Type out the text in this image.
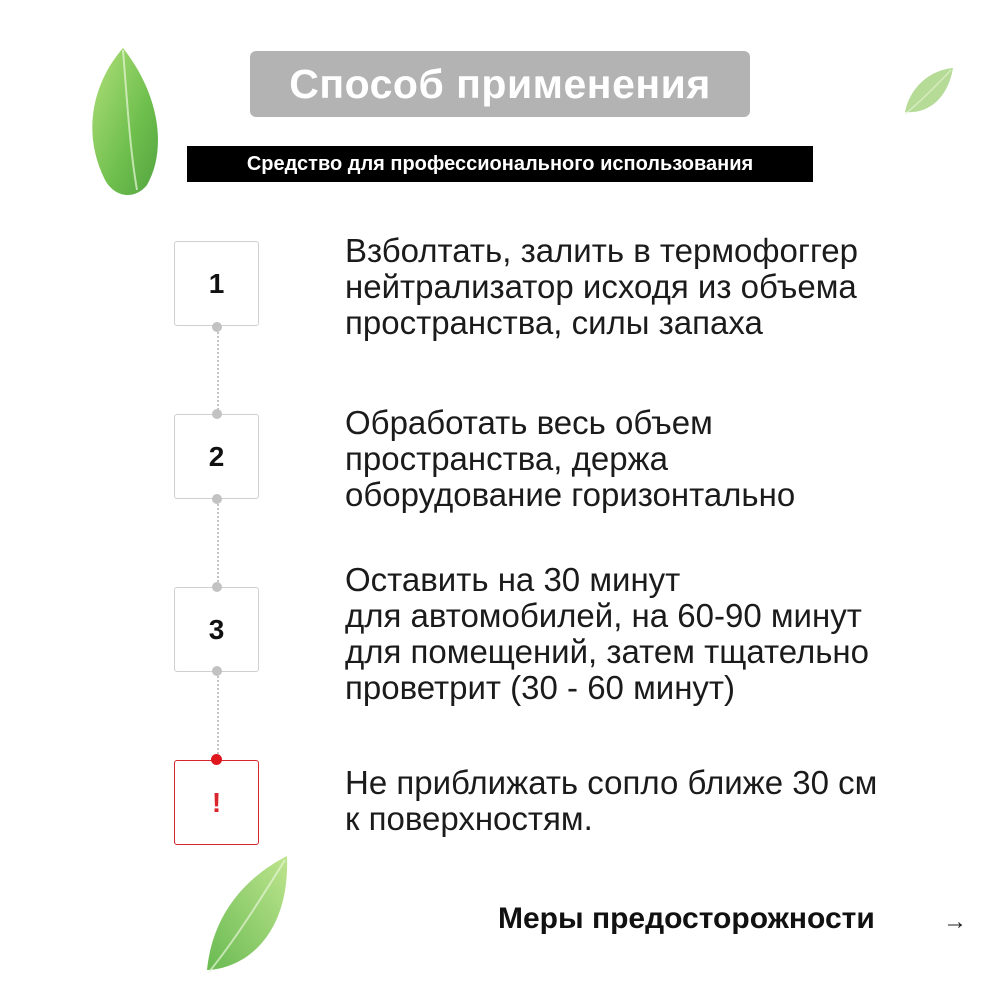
Способ применения
Средство для профессионального использования
1
Взболтать, залить в термофоггер
нейтрализатор исходя из объема
пространства, силы запаха
2
Обработать весь объем
пространства, держа
оборудование горизонтально
3
Оставить на 30 минут
для автомобилей, на 60-90 минут
для помещений, затем тщательно
проветрит (30 - 60 минут)
!
Не приближать сопло ближе 30 см
к поверхностям.
Меры предосторожности	→
